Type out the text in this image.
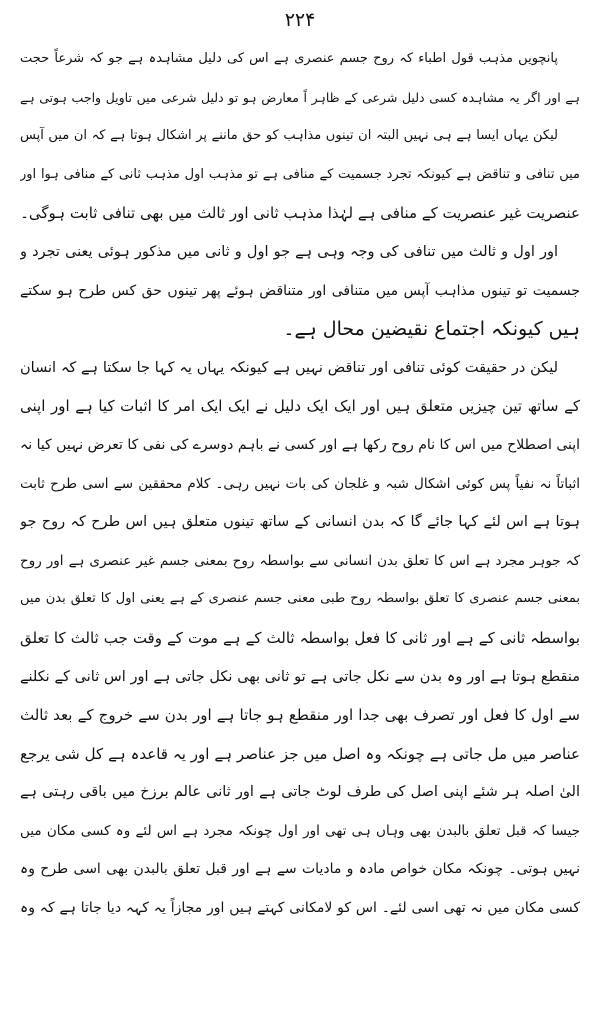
۲۲۴
پانچویں مذہب قول اطباء کہ روح جسم عنصری ہے اس کی دلیل مشاہدہ ہے جو کہ شرعاً حجت
ہے اور اگر یہ مشاہدہ کسی دلیل شرعی کے ظاہر اً معارض ہو تو دلیل شرعی میں تاویل واجب ہوتی ہے
لیکن یہاں ایسا ہے ہی نہیں البتہ ان تینوں مذاہب کو حق ماننے پر اشکال ہوتا ہے کہ ان میں آپس
میں تنافی و تناقض ہے کیونکہ تجرد جسمیت کے منافی ہے تو مذہب اول مذہب ثانی کے منافی ہوا اور
عنصریت غیر عنصریت کے منافی ہے لہٰذا مذہب ثانی اور ثالث میں بھی تنافی ثابت ہوگی۔
اور اول و ثالث میں تنافی کی وجہ وہی ہے جو اول و ثانی میں مذکور ہوئی یعنی تجرد و
جسمیت تو تینوں مذاہب آپس میں متنافی اور متناقض ہوئے پھر تینوں حق کس طرح ہو سکتے
ہیں کیونکہ اجتماع نقیضین محال ہے۔
لیکن در حقیقت کوئی تنافی اور تناقض نہیں ہے کیونکہ یہاں یہ کہا جا سکتا ہے کہ انسان
کے ساتھ تین چیزیں متعلق ہیں اور ایک ایک دلیل نے ایک ایک امر کا اثبات کیا ہے اور اپنی
اپنی اصطلاح میں اس کا نام روح رکھا ہے اور کسی نے باہم دوسرے کی نفی کا تعرض نہیں کیا نہ
اثباتاً نہ نفیاً پس کوئی اشکال شبہ و غلجان کی بات نہیں رہی۔ کلام محققین سے اسی طرح ثابت
ہوتا ہے اس لئے کہا جائے گا کہ بدن انسانی کے ساتھ تینوں متعلق ہیں اس طرح کہ روح جو
کہ جوہر مجرد ہے اس کا تعلق بدن انسانی سے بواسطہ روح بمعنی جسم غیر عنصری ہے اور روح
بمعنی جسم عنصری کا تعلق بواسطہ روح طبی معنی جسم عنصری کے ہے یعنی اول کا تعلق بدن میں
بواسطہ ثانی کے ہے اور ثانی کا فعل بواسطہ ثالث کے ہے موت کے وقت جب ثالث کا تعلق
منقطع ہوتا ہے اور وہ بدن سے نکل جاتی ہے تو ثانی بھی نکل جاتی ہے اور اس ثانی کے نکلنے
سے اول کا فعل اور تصرف بھی جدا اور منقطع ہو جاتا ہے اور بدن سے خروج کے بعد ثالث
عناصر میں مل جاتی ہے چونکہ وہ اصل میں جز عناصر ہے اور یہ قاعدہ ہے کل شی یرجع
الیٰ اصلہ ہر شئے اپنی اصل کی طرف لوٹ جاتی ہے اور ثانی عالم برزخ میں باقی رہتی ہے
جیسا کہ قبل تعلق بالبدن بھی وہاں ہی تھی اور اول چونکہ مجرد ہے اس لئے وہ کسی مکان میں
نہیں ہوتی۔ چونکہ مکان خواص مادہ و مادیات سے ہے اور قبل تعلق بالبدن بھی اسی طرح وہ
کسی مکان میں نہ تھی اسی لئے۔ اس کو لامکانی کہتے ہیں اور مجازاً یہ کہہ دیا جاتا ہے کہ وہ
